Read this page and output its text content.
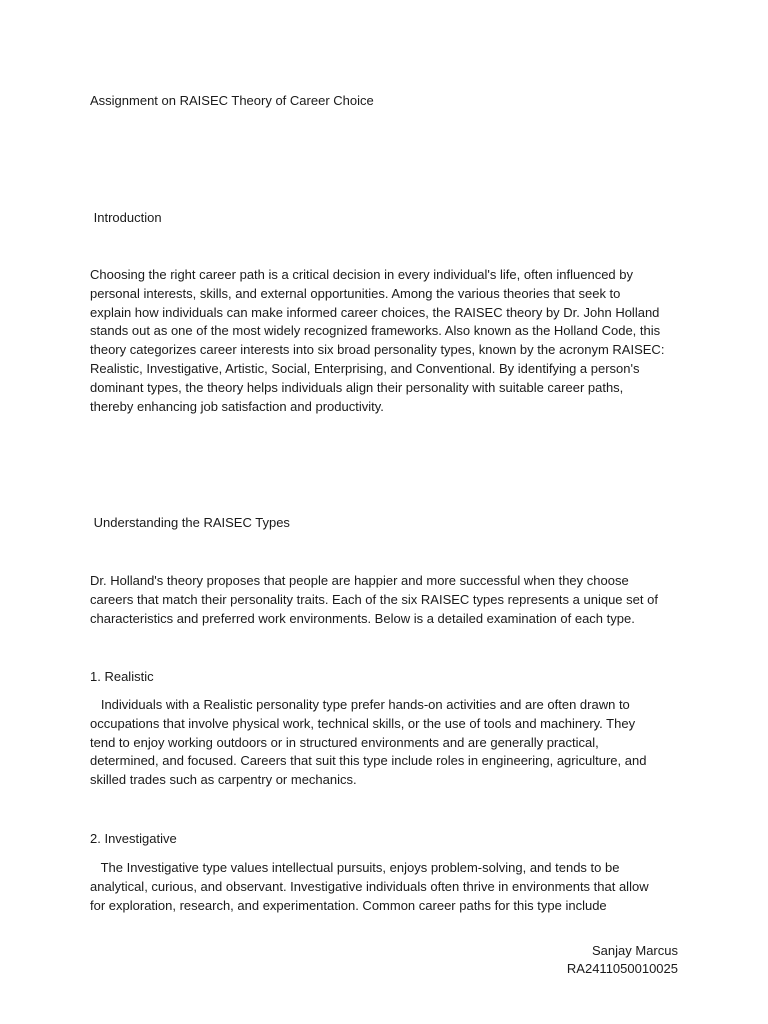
Assignment on RAISEC Theory of Career Choice
Introduction
Choosing the right career path is a critical decision in every individual's life, often influenced by
personal interests, skills, and external opportunities. Among the various theories that seek to
explain how individuals can make informed career choices, the RAISEC theory by Dr. John Holland
stands out as one of the most widely recognized frameworks. Also known as the Holland Code, this
theory categorizes career interests into six broad personality types, known by the acronym RAISEC:
Realistic, Investigative, Artistic, Social, Enterprising, and Conventional. By identifying a person's
dominant types, the theory helps individuals align their personality with suitable career paths,
thereby enhancing job satisfaction and productivity.
Understanding the RAISEC Types
Dr. Holland's theory proposes that people are happier and more successful when they choose
careers that match their personality traits. Each of the six RAISEC types represents a unique set of
characteristics and preferred work environments. Below is a detailed examination of each type.
1. Realistic
Individuals with a Realistic personality type prefer hands-on activities and are often drawn to
occupations that involve physical work, technical skills, or the use of tools and machinery. They
tend to enjoy working outdoors or in structured environments and are generally practical,
determined, and focused. Careers that suit this type include roles in engineering, agriculture, and
skilled trades such as carpentry or mechanics.
2. Investigative
The Investigative type values intellectual pursuits, enjoys problem-solving, and tends to be
analytical, curious, and observant. Investigative individuals often thrive in environments that allow
for exploration, research, and experimentation. Common career paths for this type include
Sanjay Marcus
RA2411050010025
